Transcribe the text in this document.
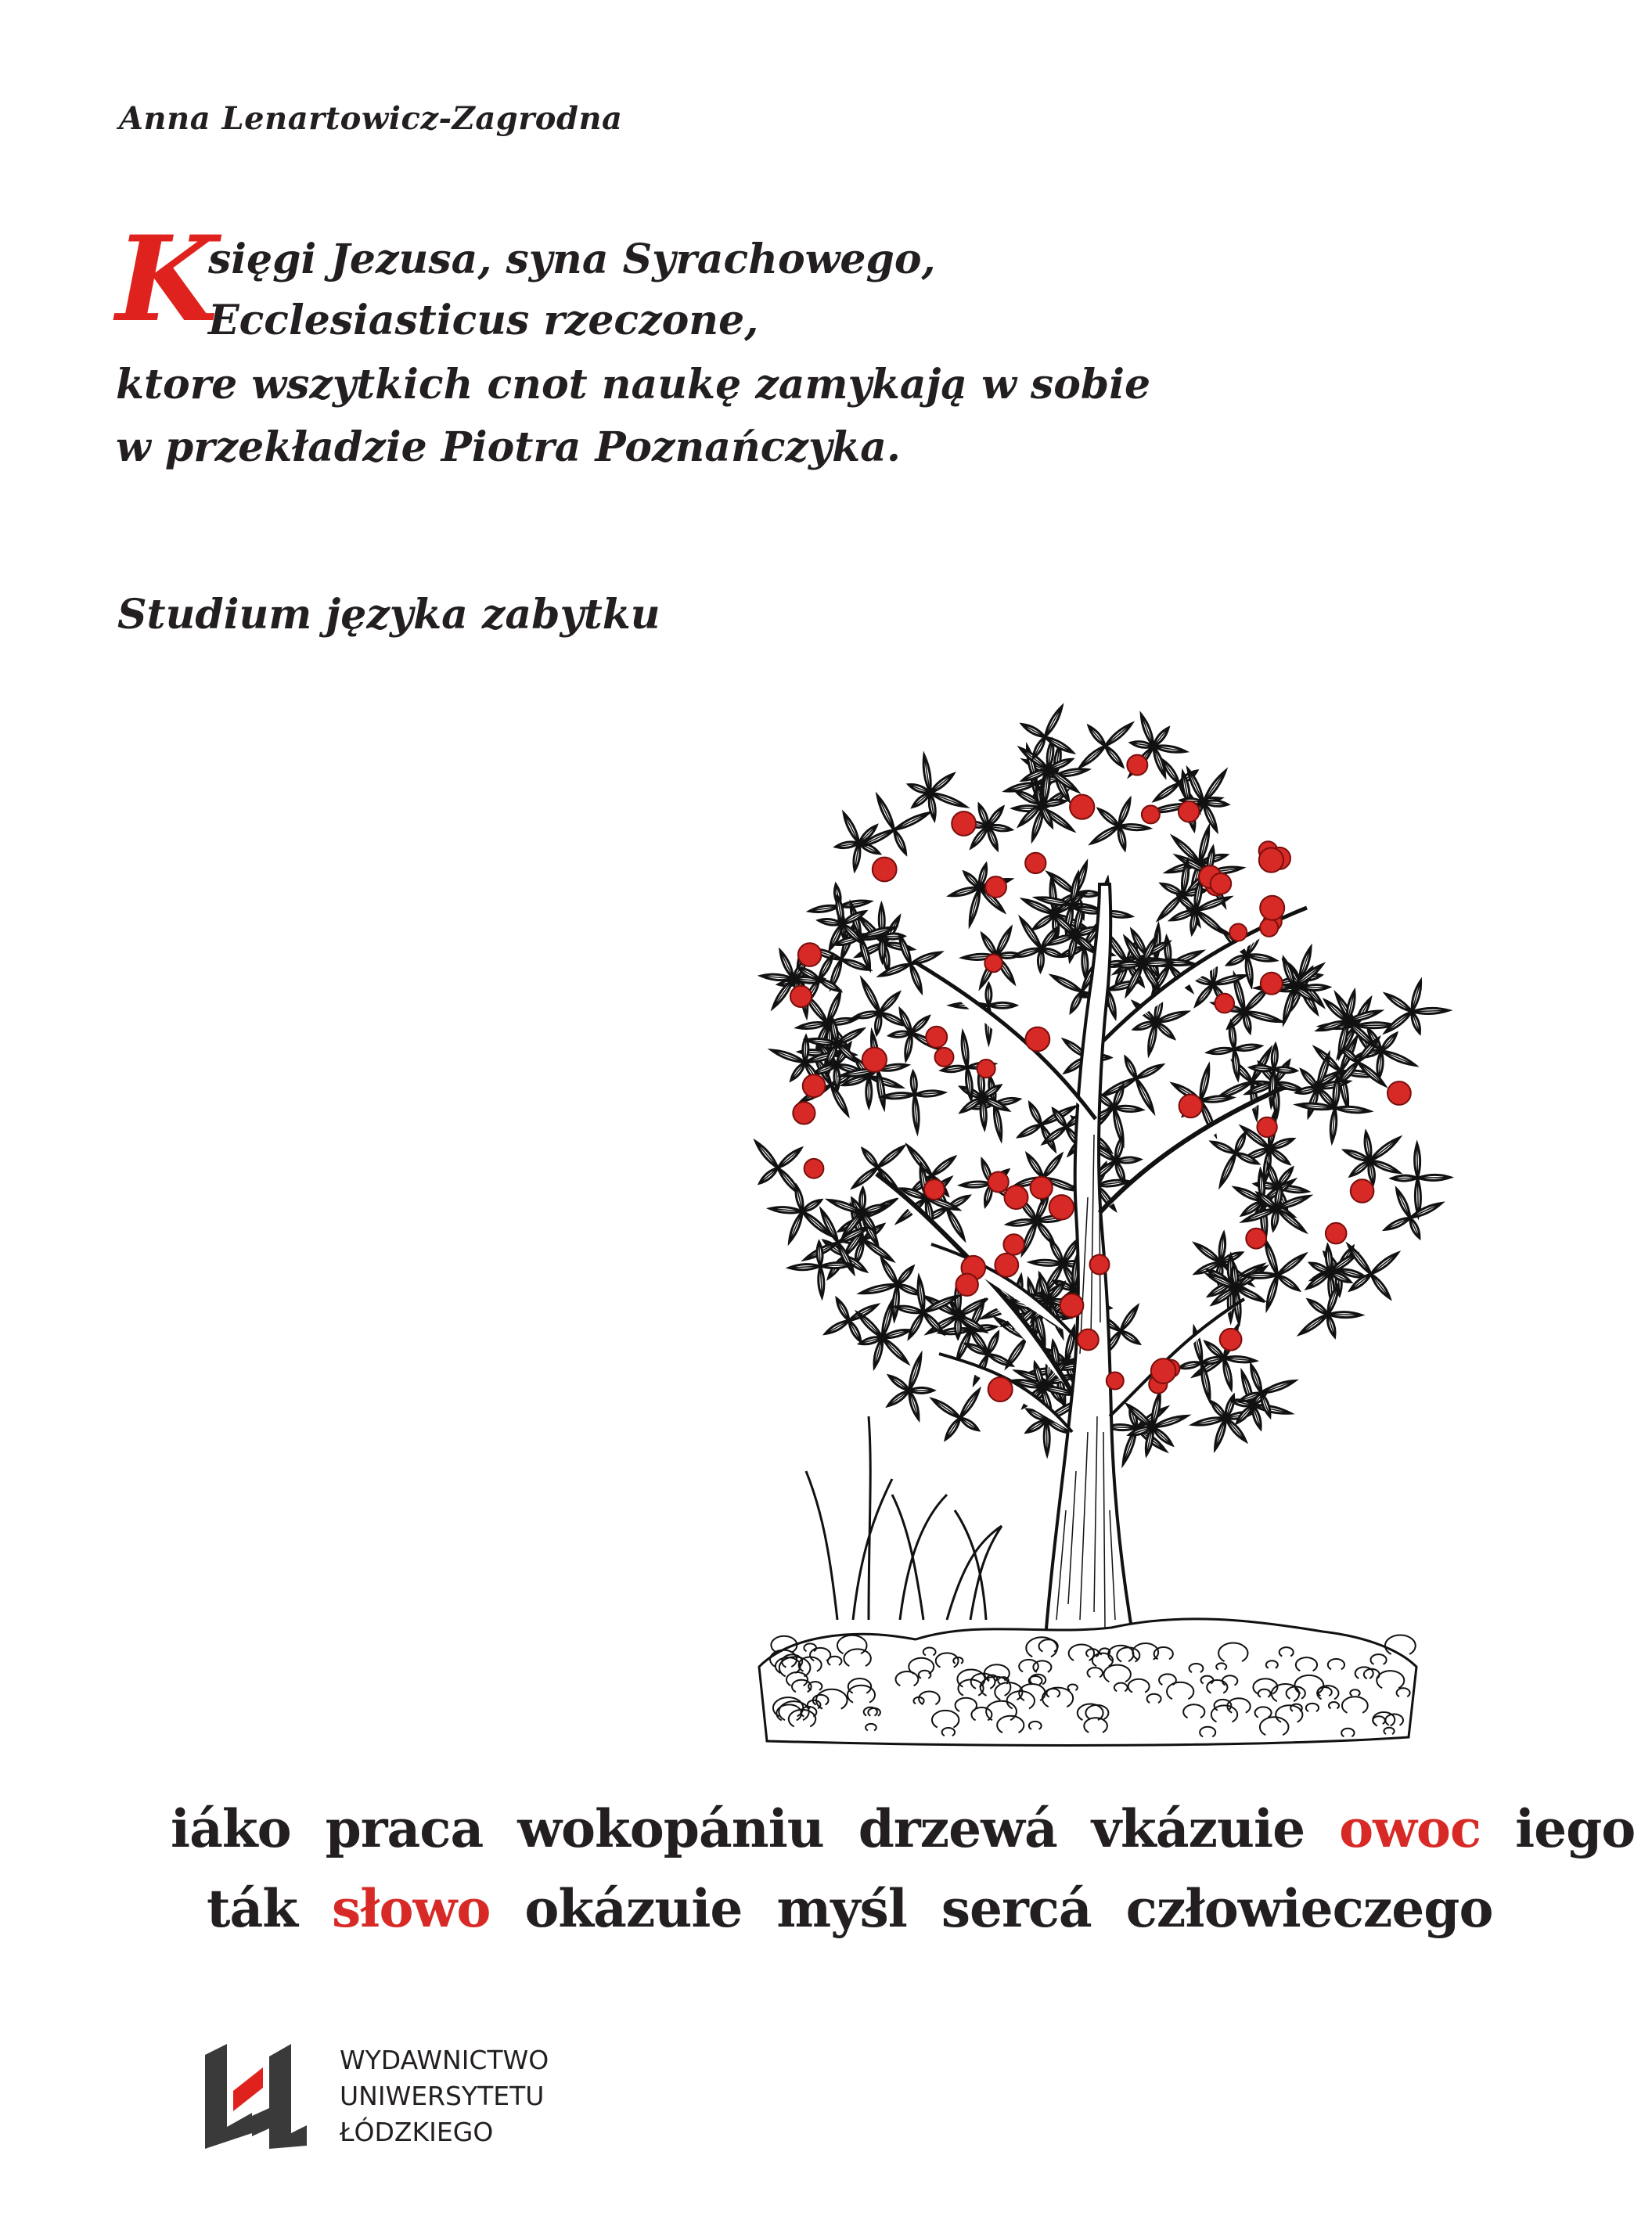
Anna Lenartowicz-Zagrodna
K
sięgi Jezusa, syna Syrachowego,
Ecclesiasticus rzeczone,
ktore wszytkich cnot naukę zamykają w sobie
w przekładzie Piotra Poznańczyka.
Studium języka zabytku
iáko praca wokopániu drzewá vkázuie owoc iego
ták słowo okázuie myśl sercá człowieczego
WYDAWNICTWO
UNIWERSYTETU
ŁÓDZKIEGO
